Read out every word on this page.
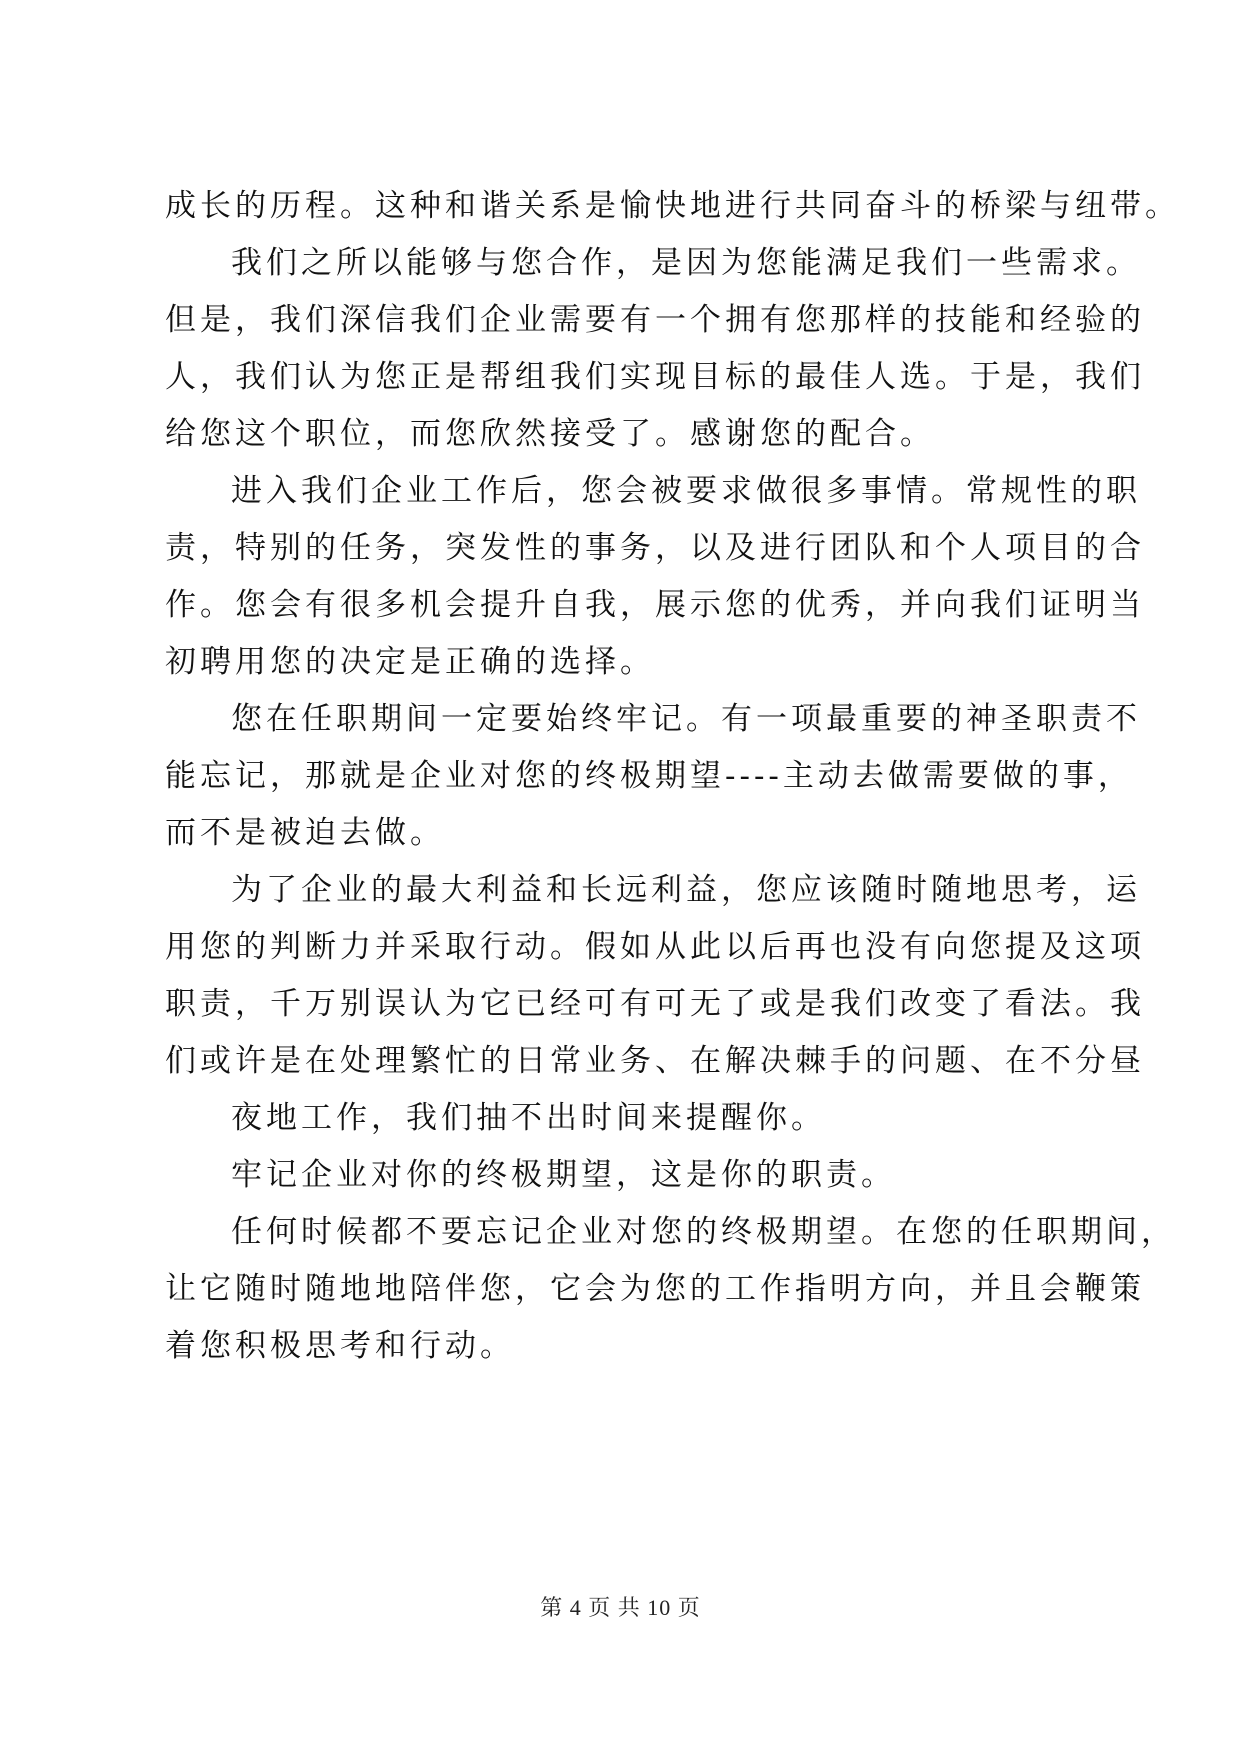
成长的历程。这种和谐关系是愉快地进行共同奋斗的桥梁与纽带。
我们之所以能够与您合作，是因为您能满足我们一些需求。
但是，我们深信我们企业需要有一个拥有您那样的技能和经验的
人，我们认为您正是帮组我们实现目标的最佳人选。于是，我们
给您这个职位，而您欣然接受了。感谢您的配合。
进入我们企业工作后，您会被要求做很多事情。常规性的职
责，特别的任务，突发性的事务，以及进行团队和个人项目的合
作。您会有很多机会提升自我，展示您的优秀，并向我们证明当
初聘用您的决定是正确的选择。
您在任职期间一定要始终牢记。有一项最重要的神圣职责不
能忘记，那就是企业对您的终极期望----主动去做需要做的事，
而不是被迫去做。
为了企业的最大利益和长远利益，您应该随时随地思考，运
用您的判断力并采取行动。假如从此以后再也没有向您提及这项
职责，千万别误认为它已经可有可无了或是我们改变了看法。我
们或许是在处理繁忙的日常业务、在解决棘手的问题、在不分昼
夜地工作，我们抽不出时间来提醒你。
牢记企业对你的终极期望，这是你的职责。
任何时候都不要忘记企业对您的终极期望。在您的任职期间，
让它随时随地地陪伴您，它会为您的工作指明方向，并且会鞭策
着您积极思考和行动。
第 4 页 共 10 页
